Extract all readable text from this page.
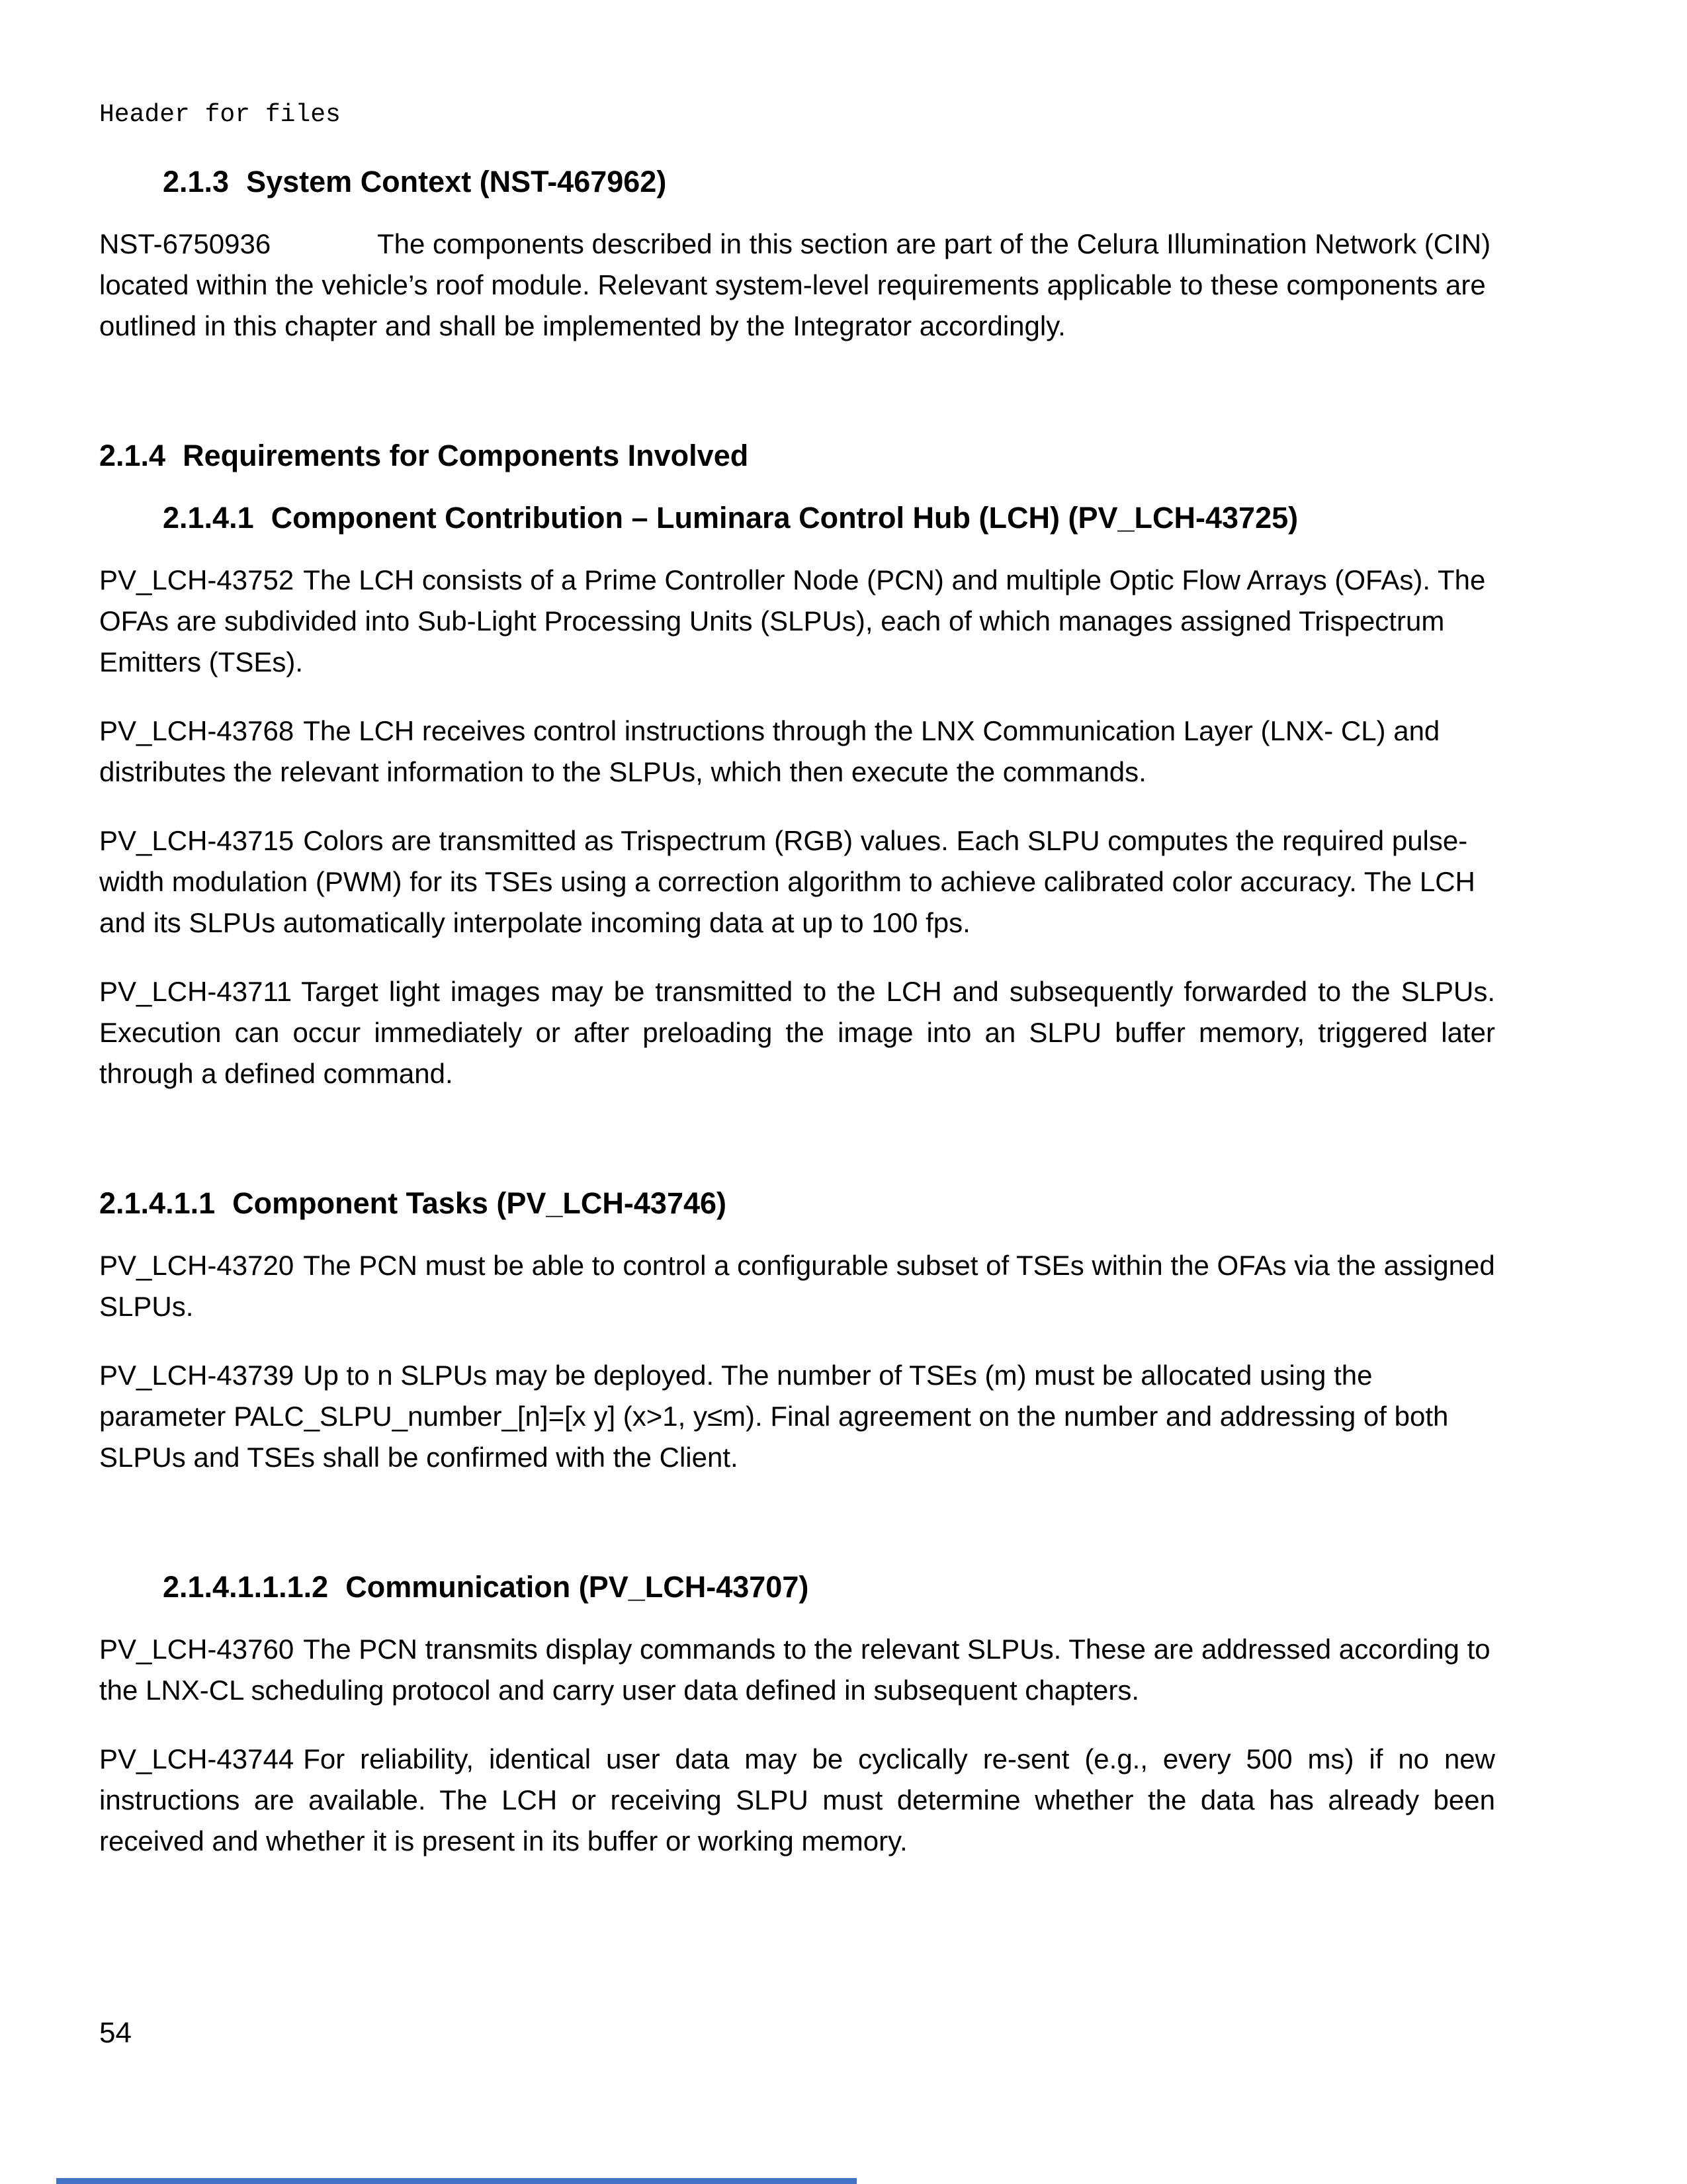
Header for files
2.1.3 System Context (NST-467962)

NST-6750936	The components described in this section are part of the Celura Illumination Network (CIN) located within the vehicle’s roof module. Relevant system-level requirements applicable to these components are outlined in this chapter and shall be implemented by the Integrator accordingly.

2.1.4 Requirements for Components Involved
2.1.4.1 Component Contribution – Luminara Control Hub (LCH) (PV_LCH-43725)

PV_LCH-43752 The LCH consists of a Prime Controller Node (PCN) and multiple Optic Flow Arrays (OFAs). The OFAs are subdivided into Sub-Light Processing Units (SLPUs), each of which manages assigned Trispectrum Emitters (TSEs).

PV_LCH-43768 The LCH receives control instructions through the LNX Communication Layer (LNX- CL) and distributes the relevant information to the SLPUs, which then execute the commands.

PV_LCH-43715 Colors are transmitted as Trispectrum (RGB) values. Each SLPU computes the required pulse-width modulation (PWM) for its TSEs using a correction algorithm to achieve calibrated color accuracy. The LCH and its SLPUs automatically interpolate incoming data at up to 100 fps.

PV_LCH-43711 Target light images may be transmitted to the LCH and subsequently forwarded to the SLPUs. Execution can occur immediately or after preloading the image into an SLPU buffer memory, triggered later through a defined command.

2.1.4.1.1 Component Tasks (PV_LCH-43746)

PV_LCH-43720 The PCN must be able to control a configurable subset of TSEs within the OFAs via the assigned SLPUs.

PV_LCH-43739 Up to n SLPUs may be deployed. The number of TSEs (m) must be allocated using the parameter PALC_SLPU_number_[n]=[x y] (x>1, y≤m). Final agreement on the number and addressing of both SLPUs and TSEs shall be confirmed with the Client.

2.1.4.1.1.1.2 Communication (PV_LCH-43707)

PV_LCH-43760 The PCN transmits display commands to the relevant SLPUs. These are addressed according to the LNX-CL scheduling protocol and carry user data defined in subsequent chapters.

PV_LCH-43744 For reliability, identical user data may be cyclically re-sent (e.g., every 500 ms) if no new instructions are available. The LCH or receiving SLPU must determine whether the data has already been received and whether it is present in its buffer or working memory.

54
